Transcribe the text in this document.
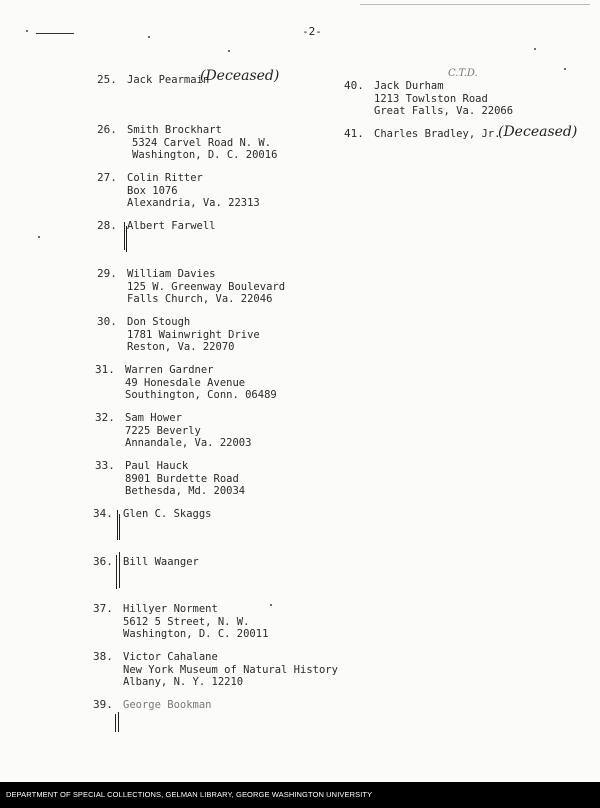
-2-
25. Jack Pearmain
(Deceased)
26. Smith Brockhart
5324 Carvel Road N. W.
Washington, D. C. 20016
27. Colin Ritter
Box 1076
Alexandria, Va. 22313
28. Albert Farwell
29. William Davies
125 W. Greenway Boulevard
Falls Church, Va. 22046
30. Don Stough
1781 Wainwright Drive
Reston, Va. 22070
31. Warren Gardner
49 Honesdale Avenue
Southington, Conn. 06489
32. Sam Hower
7225 Beverly
Annandale, Va. 22003
33. Paul Hauck
8901 Burdette Road
Bethesda, Md. 20034
34. Glen C. Skaggs
36. Bill Waanger
37. Hillyer Norment
5612 5 Street, N. W.
Washington, D. C. 20011
38. Victor Cahalane
New York Museum of Natural History
Albany, N. Y. 12210
39. George Bookman
40. Jack Durham
1213 Towlston Road
Great Falls, Va. 22066
C.T.D.
41. Charles Bradley, Jr.
(Deceased)
DEPARTMENT OF SPECIAL COLLECTIONS, GELMAN LIBRARY, GEORGE WASHINGTON UNIVERSITY
